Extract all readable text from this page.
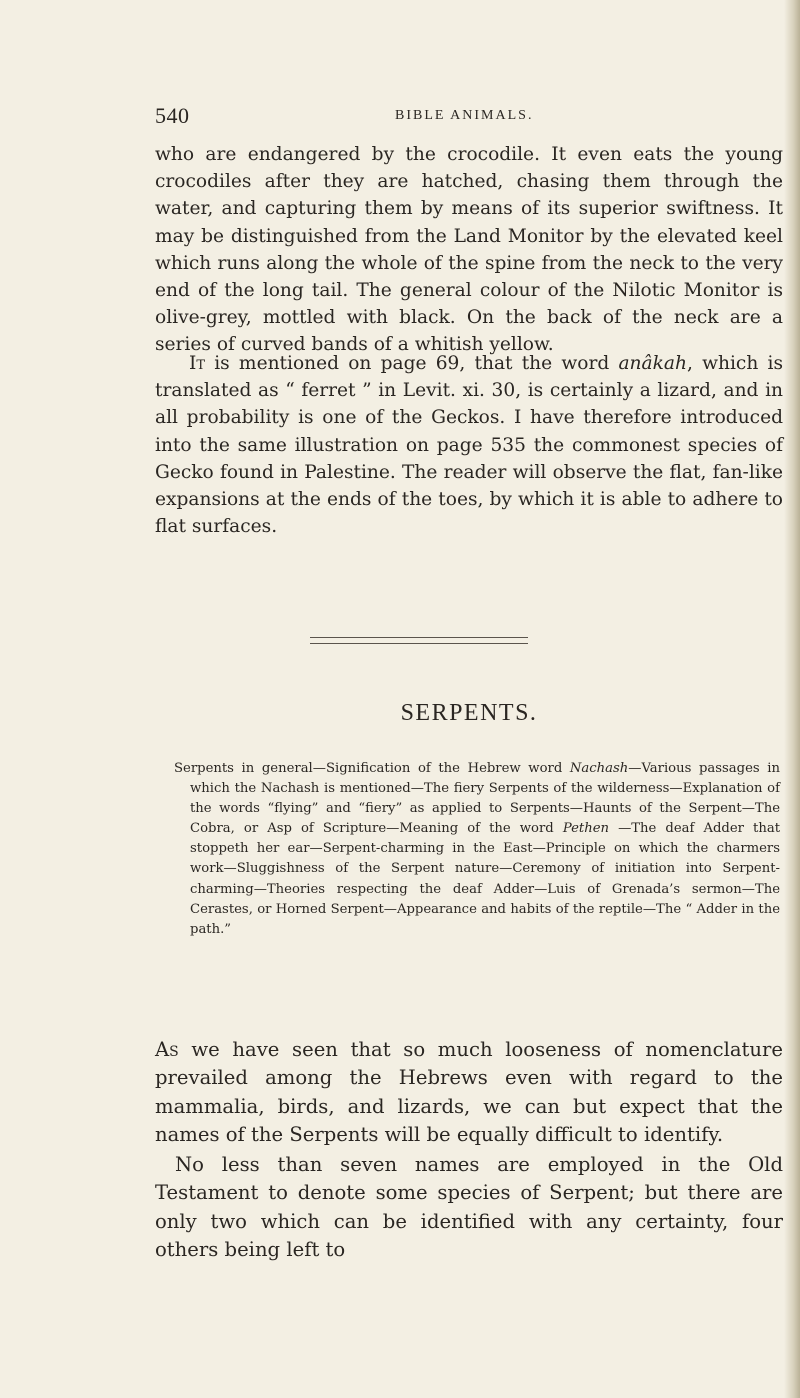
540	BIBLE ANIMALS.

who are endangered by the crocodile. It even eats the young crocodiles after they are hatched, chasing them through the water, and capturing them by means of its superior swiftness. It may be distinguished from the Land Monitor by the elevated keel which runs along the whole of the spine from the neck to the very end of the long tail. The general colour of the Nilotic Monitor is olive-grey, mottled with black. On the back of the neck are a series of curved bands of a whitish yellow.

It is mentioned on page 69, that the word anâkah, which is translated as “ ferret ” in Levit. xi. 30, is certainly a lizard, and in all probability is one of the Geckos. I have therefore introduced into the same illustration on page 535 the commonest species of Gecko found in Palestine. The reader will observe the flat, fan-like expansions at the ends of the toes, by which it is able to adhere to flat surfaces.

SERPENTS.
Serpents in general—Signification of the Hebrew word Nachash—Various passages in which the Nachash is mentioned—The fiery Serpents of the wilderness—Explanation of the words “flying” and “fiery” as applied to Serpents—Haunts of the Serpent—The Cobra, or Asp of Scripture—Meaning of the word Pethen —The deaf Adder that stoppeth her ear—Serpent-charming in the East—Principle on which the charmers work—Sluggishness of the Serpent nature—Ceremony of initiation into Serpent-charming—Theories respecting the deaf Adder—Luis of Grenada’s sermon—The Cerastes, or Horned Serpent—Appearance and habits of the reptile—The “ Adder in the path.”

As we have seen that so much looseness of nomenclature prevailed among the Hebrews even with regard to the mammalia, birds, and lizards, we can but expect that the names of the Serpents will be equally difficult to identify.

No less than seven names are employed in the Old Testament to denote some species of Serpent; but there are only two which can be identified with any certainty, four others being left to
